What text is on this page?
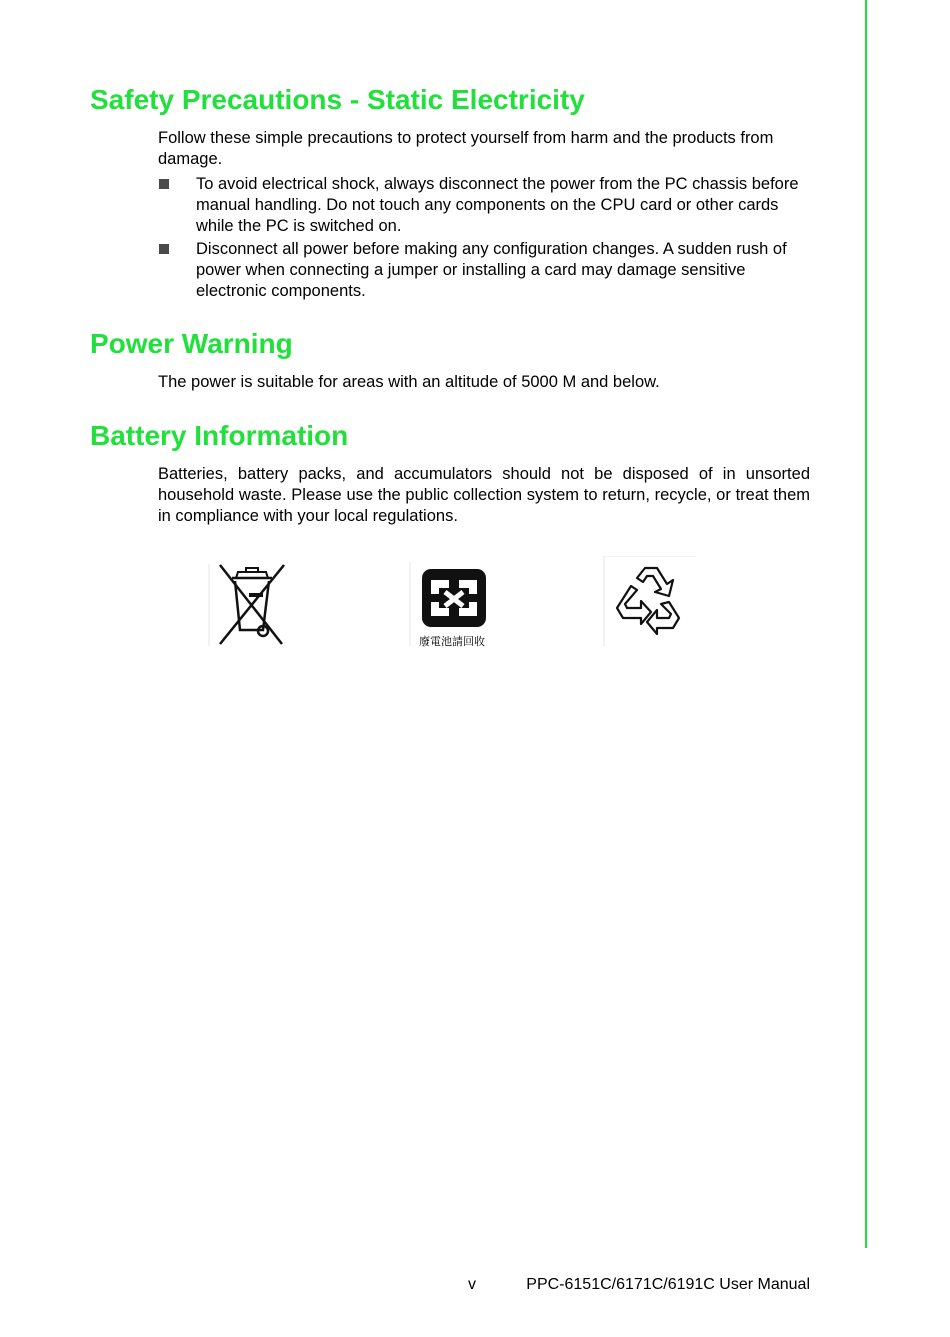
Safety Precautions - Static Electricity

Follow these simple precautions to protect yourself from harm and the products from damage.

To avoid electrical shock, always disconnect the power from the PC chassis before manual handling. Do not touch any components on the CPU card or other cards while the PC is switched on.
Disconnect all power before making any configuration changes. A sudden rush of power when connecting a jumper or installing a card may damage sensitive electronic components.
Power Warning

The power is suitable for areas with an altitude of 5000 M and below.

Battery Information

Batteries, battery packs, and accumulators should not be disposed of in unsorted household waste. Please use the public collection system to return, recycle, or treat them in compliance with your local regulations.

廢電池請回收
v	PPC-6151C/6171C/6191C User Manual
